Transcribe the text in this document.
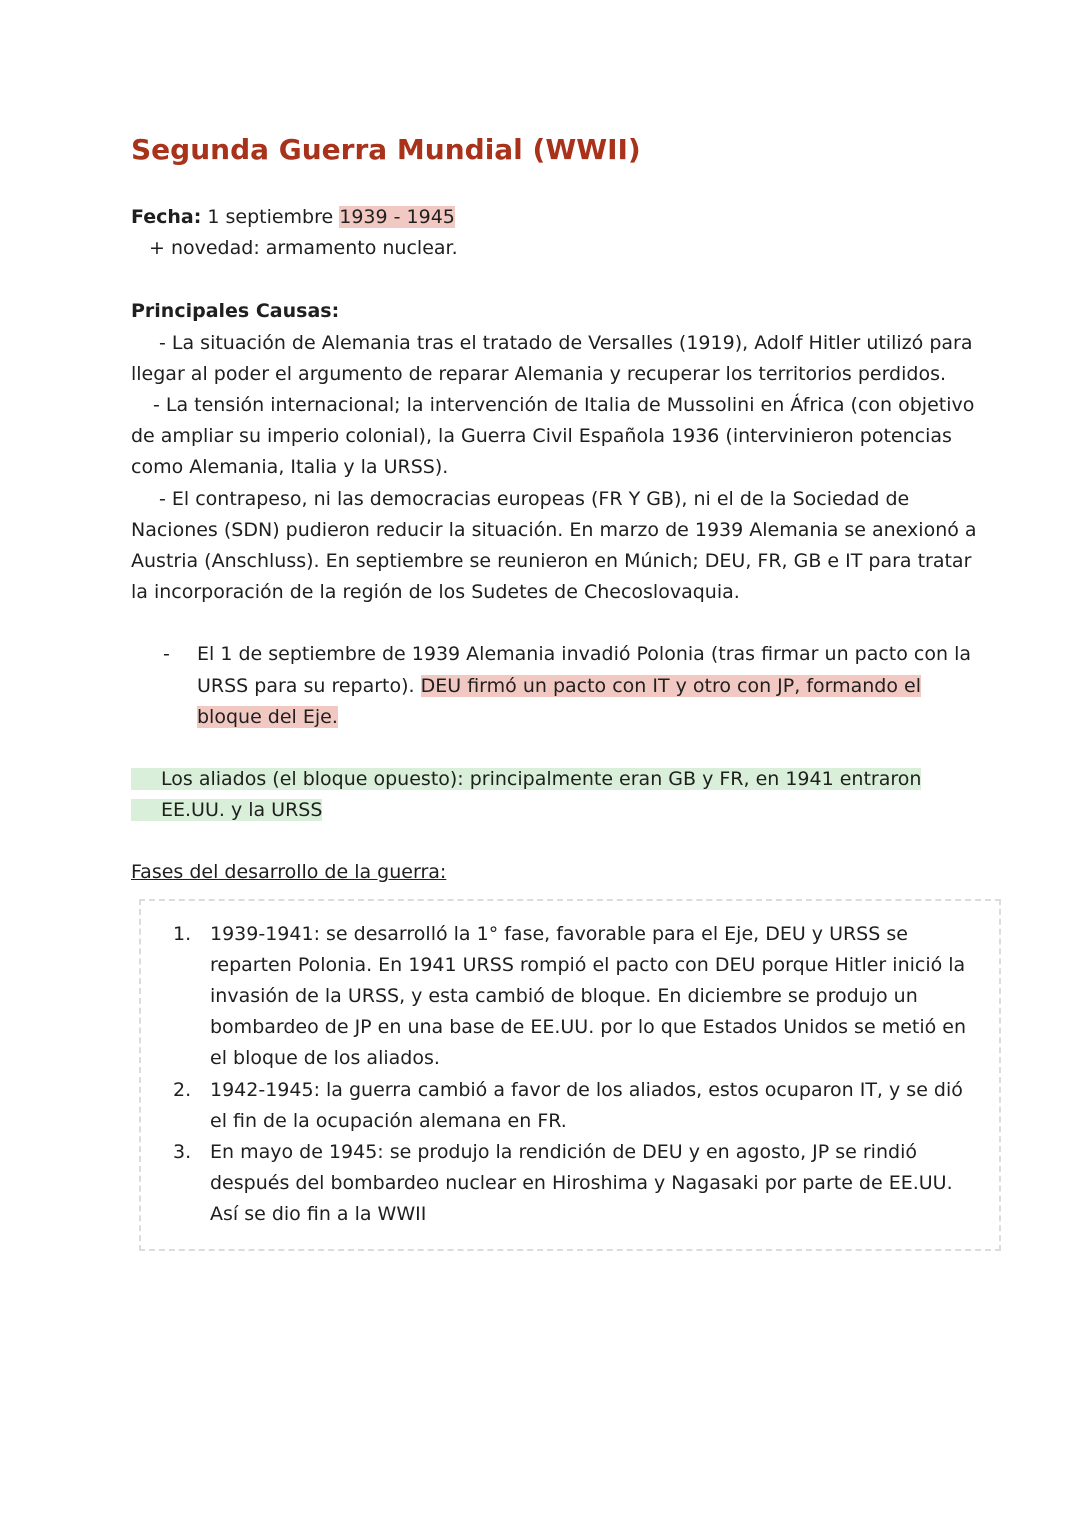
Segunda Guerra Mundial (WWII)

Fecha: 1 septiembre 1939 - 1945

+ novedad: armamento nuclear.

Principales Causas:

- La situación de Alemania tras el tratado de Versalles (1919), Adolf Hitler utilizó para llegar al poder el argumento de reparar Alemania y recuperar los territorios perdidos.

- La tensión internacional; la intervención de Italia de Mussolini en África (con objetivo de ampliar su imperio colonial), la Guerra Civil Española 1936 (intervinieron potencias como Alemania, Italia y la URSS).

- El contrapeso, ni las democracias europeas (FR Y GB), ni el de la Sociedad de Naciones (SDN) pudieron reducir la situación. En marzo de 1939 Alemania se anexionó a Austria (Anschluss). En septiembre se reunieron en Múnich; DEU, FR, GB e IT para tratar la incorporación de la región de los Sudetes de Checoslovaquia.

-	El 1 de septiembre de 1939 Alemania invadió Polonia (tras firmar un pacto con la URSS para su reparto). DEU firmó un pacto con IT y otro con JP, formando el bloque del Eje.

Los aliados (el bloque opuesto): principalmente eran GB y FR, en 1941 entraron EE.UU. y la URSS

Fases del desarrollo de la guerra:

1. 1939-1941: se desarrolló la 1° fase, favorable para el Eje, DEU y URSS se reparten Polonia. En 1941 URSS rompió el pacto con DEU porque Hitler inició la invasión de la URSS, y esta cambió de bloque. En diciembre se produjo un bombardeo de JP en una base de EE.UU. por lo que Estados Unidos se metió en el bloque de los aliados.
2. 1942-1945: la guerra cambió a favor de los aliados, estos ocuparon IT, y se dió el fin de la ocupación alemana en FR.
3. En mayo de 1945: se produjo la rendición de DEU y en agosto, JP se rindió después del bombardeo nuclear en Hiroshima y Nagasaki por parte de EE.UU. Así se dio fin a la WWII
